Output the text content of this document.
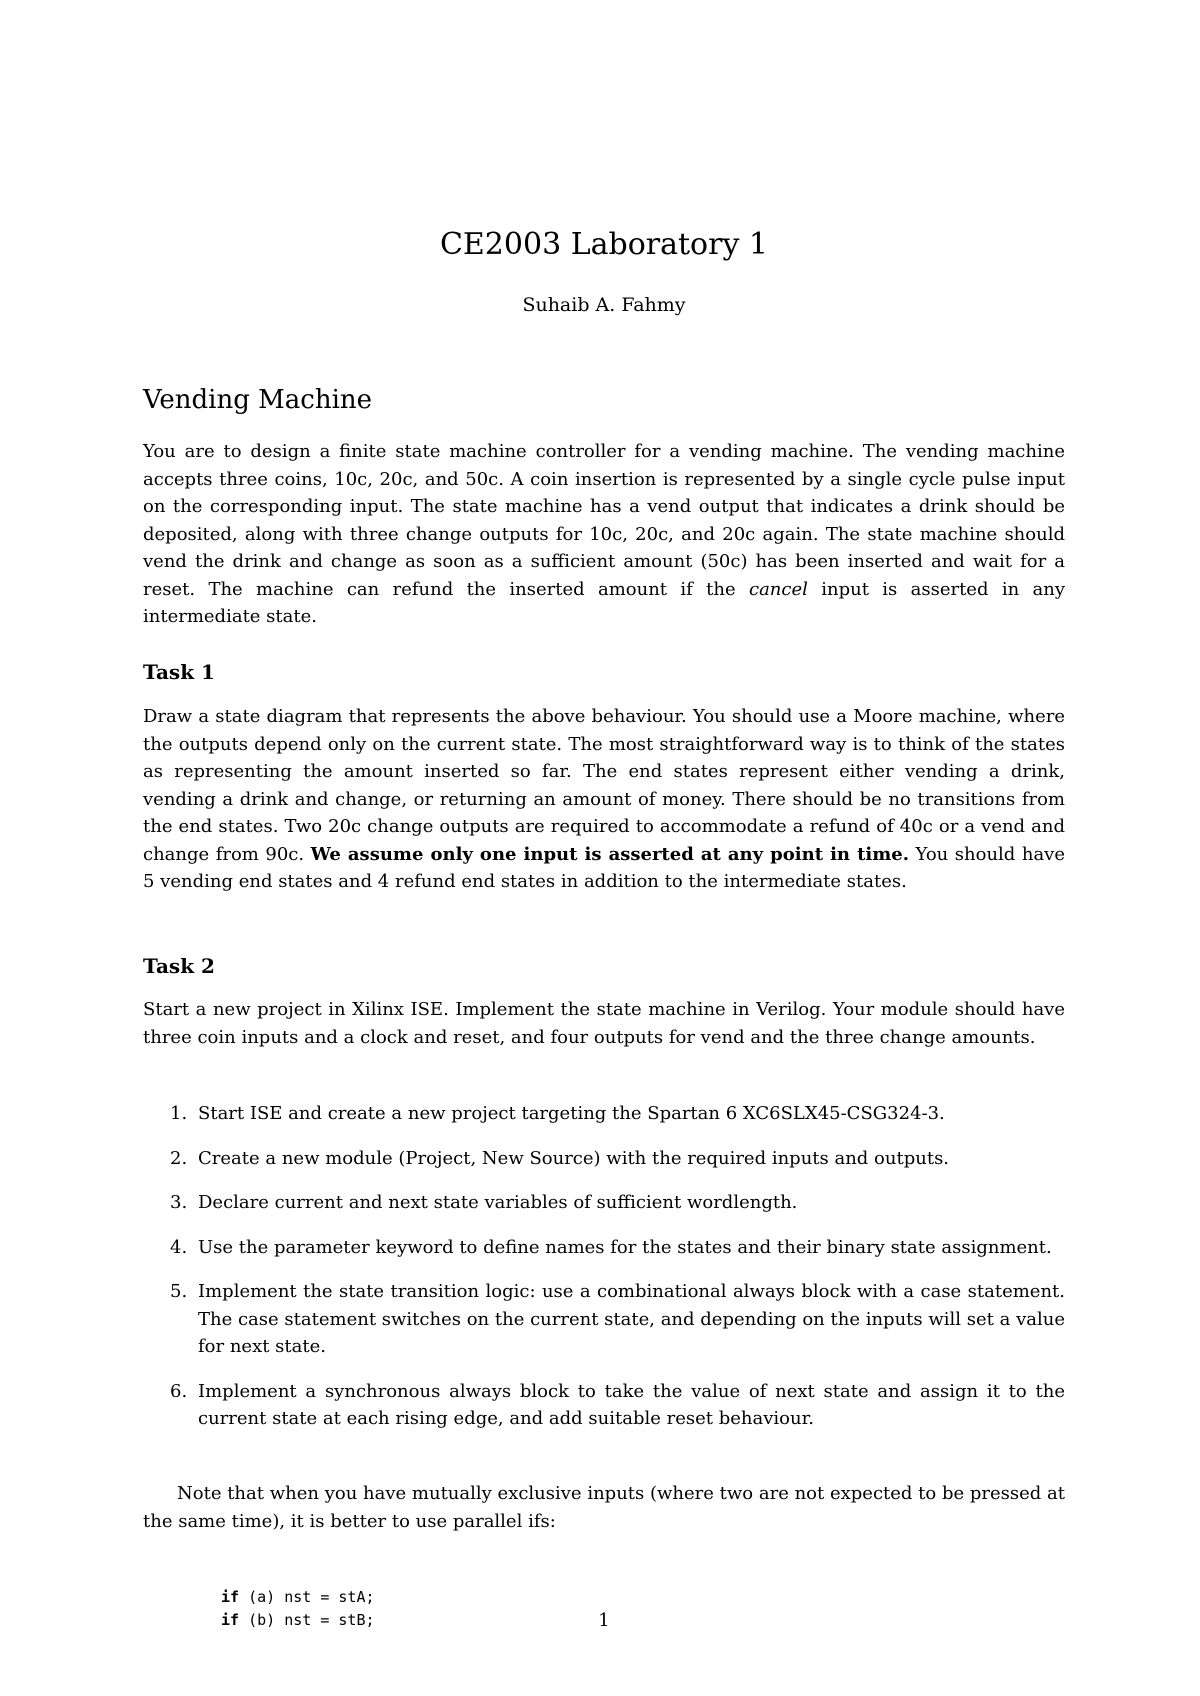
CE2003 Laboratory 1
Suhaib A. Fahmy
Vending Machine

You are to design a finite state machine controller for a vending machine. The vending machine accepts three coins, 10c, 20c, and 50c. A coin insertion is represented by a single cycle pulse input on the corresponding input. The state machine has a vend output that indicates a drink should be deposited, along with three change outputs for 10c, 20c, and 20c again. The state machine should vend the drink and change as soon as a sufficient amount (50c) has been inserted and wait for a reset. The machine can refund the inserted amount if the cancel input is asserted in any intermediate state.

Task 1

Draw a state diagram that represents the above behaviour. You should use a Moore machine, where the outputs depend only on the current state. The most straightforward way is to think of the states as representing the amount inserted so far. The end states represent either vending a drink, vending a drink and change, or returning an amount of money. There should be no transitions from the end states. Two 20c change outputs are required to accommodate a refund of 40c or a vend and change from 90c. We assume only one input is asserted at any point in time. You should have 5 vending end states and 4 refund end states in addition to the intermediate states.

Task 2

Start a new project in Xilinx ISE. Implement the state machine in Verilog. Your module should have three coin inputs and a clock and reset, and four outputs for vend and the three change amounts.

1. Start ISE and create a new project targeting the Spartan 6 XC6SLX45-CSG324-3.
2. Create a new module (Project, New Source) with the required inputs and outputs.
3. Declare current and next state variables of sufficient wordlength.
4. Use the parameter keyword to define names for the states and their binary state assignment.
5. Implement the state transition logic: use a combinational always block with a case statement. The case statement switches on the current state, and depending on the inputs will set a value for next state.
6. Implement a synchronous always block to take the value of next state and assign it to the current state at each rising edge, and add suitable reset behaviour.

Note that when you have mutually exclusive inputs (where two are not expected to be pressed at the same time), it is better to use parallel ifs:

if (a) nst = stA;
if (b) nst = stB;	1
